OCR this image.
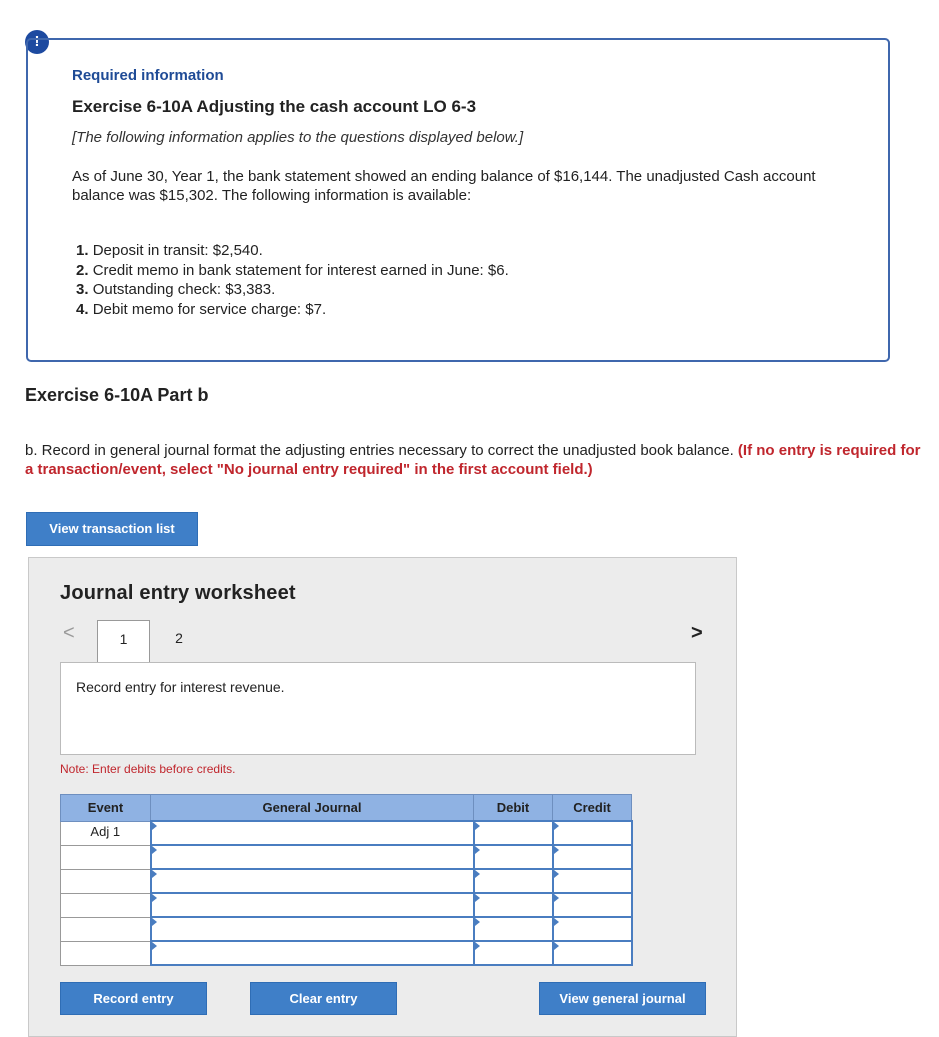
!
Required information
Exercise 6-10A Adjusting the cash account LO 6-3
[The following information applies to the questions displayed below.]
As of June 30, Year 1, the bank statement showed an ending balance of $16,144. The unadjusted Cash account balance was $15,302. The following information is available:
1. Deposit in transit: $2,540.
2. Credit memo in bank statement for interest earned in June: $6.
3. Outstanding check: $3,383.
4. Debit memo for service charge: $7.
Exercise 6-10A Part b
b. Record in general journal format the adjusting entries necessary to correct the unadjusted book balance. (If no entry is required for a transaction/event, select "No journal entry required" in the first account field.)
View transaction list
Journal entry worksheet
<	1	2	>
Record entry for interest revenue.
Note: Enter debits before credits.
Event	General Journal	Debit	Credit
Adj 1	

Record entry	Clear entry	View general journal
